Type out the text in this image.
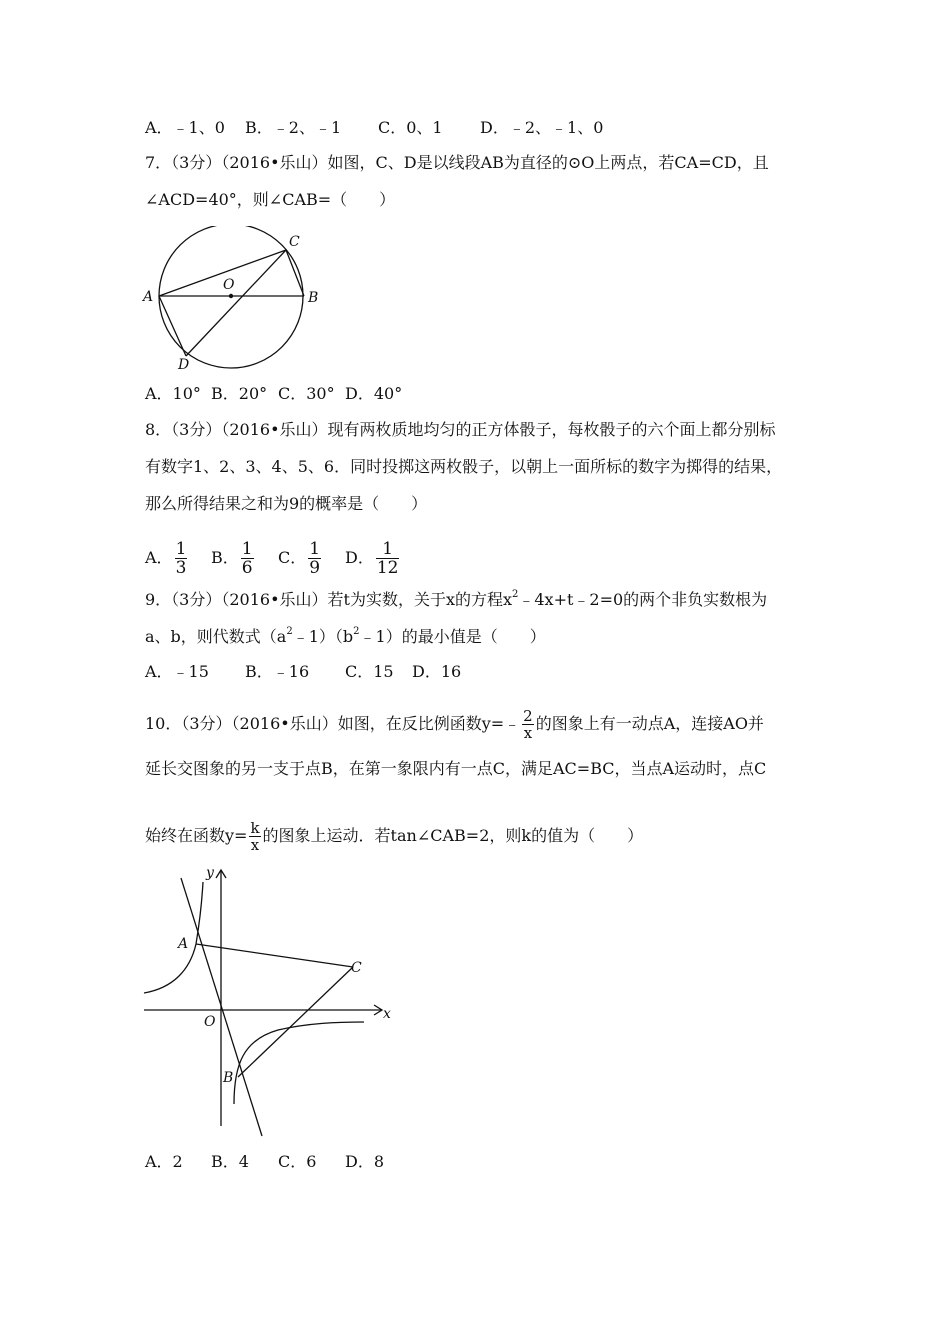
A．﹣1、0 B．﹣2、﹣1 C．0、1 D．﹣2、﹣1、0
7．（3分）（2016•乐山）如图，C、D是以线段AB为直径的⊙O上两点，若CA=CD，且
∠ACD=40°，则∠CAB=（　　）
A	B
C
D
O
A．10° B．20° C．30° D．40°
8．（3分）（2016•乐山）现有两枚质地均匀的正方体骰子，每枚骰子的六个面上都分别标
有数字1、2、3、4、5、6．同时投掷这两枚骰子，以朝上一面所标的数字为掷得的结果，
那么所得结果之和为9的概率是（　　）
A． $\frac{1}{3}$ B． $\frac{1}{6}$ C． $\frac{1}{9}$ D． $\frac{1}{12}$
9．（3分）（2016•乐山）若t为实数，关于x的方程$x^2﹣4x+t﹣2=0$的两个非负实数根为
a、b，则代数式$(a^2﹣1)(b^2﹣1)$的最小值是（　　）
A．﹣15 B．﹣16 C．15 D．16
10．（3分）（2016•乐山）如图，在反比例函数y=﹣ $\frac{2}{x}$ 的图象上有一动点A，连接AO并
延长交图象的另一支于点B，在第一象限内有一点C，满足AC=BC，当点A运动时，点C
始终在函数$y= \frac{k}{x}$ 的图象上运动．若tan∠CAB=2，则k的值为（　　）
y
x
A
C
O
B
A．2 B．4 C．6 D．8
